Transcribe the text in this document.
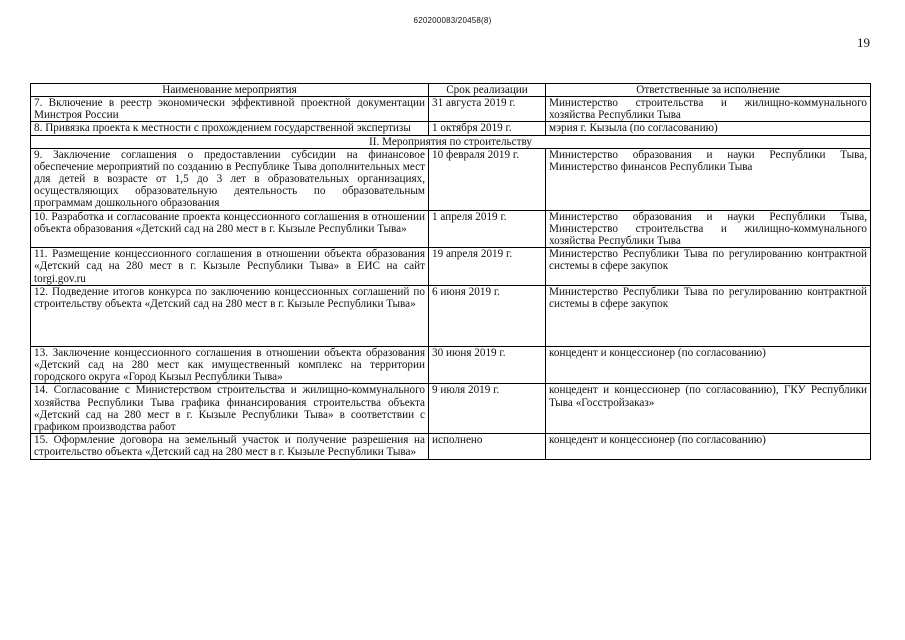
620200083/20458(8)
19
Наименование мероприятия	Срок реализации	Ответственные за исполнение
7. Включение в реестр экономически эффективной проектной документации Минстроя России	31 августа 2019 г.	Министерство строительства и жилищно-коммунального хозяйства Республики Тыва
8. Привязка проекта к местности с прохождением государственной экспертизы	1 октября 2019 г.	мэрия г. Кызыла (по согласованию)
II. Мероприятия по строительству		
9. Заключение соглашения о предоставлении субсидии на финансовое обеспечение мероприятий по созданию в Республике Тыва дополнительных мест для детей в возрасте от 1,5 до 3 лет в образовательных организациях, осуществляющих образовательную деятельность по образовательным программам дошкольного образования	10 февраля 2019 г.	Министерство образования и науки Республики Тыва, Министерство финансов Республики Тыва
10. Разработка и согласование проекта концессионного соглашения в отношении объекта образования «Детский сад на 280 мест в г. Кызыле Республики Тыва»	1 апреля 2019 г.	Министерство образования и науки Республики Тыва, Министерство строительства и жилищно-коммунального хозяйства Республики Тыва
11. Размещение концессионного соглашения в отношении объекта образования «Детский сад на 280 мест в г. Кызыле Республики Тыва» в ЕИС на сайт torgi.gov.ru	19 апреля 2019 г.	Министерство Республики Тыва по регулированию контрактной системы в сфере закупок
12. Подведение итогов конкурса по заключению концессионных соглашений по строительству объекта «Детский сад на 280 мест в г. Кызыле Республики Тыва»	6 июня 2019 г.	Министерство Республики Тыва по регулированию контрактной системы в сфере закупок
13. Заключение концессионного соглашения в отношении объекта образования «Детский сад на 280 мест как имущественный комплекс на территории городского округа «Город Кызыл Республики Тыва»	30 июня 2019 г.	концедент и концессионер (по согласованию)
14. Согласование с Министерством строительства и жилищно-коммунального хозяйства Республики Тыва графика финансирования строительства объекта «Детский сад на 280 мест в г. Кызыле Республики Тыва» в соответствии с графиком производства работ	9 июля 2019 г.	концедент и концессионер (по согласованию), ГКУ Республики Тыва «Госстройзаказ»
15. Оформление договора на земельный участок и получение разрешения на строительство объекта «Детский сад на 280 мест в г. Кызыле Республики Тыва»	исполнено	концедент и концессионер (по согласованию)
